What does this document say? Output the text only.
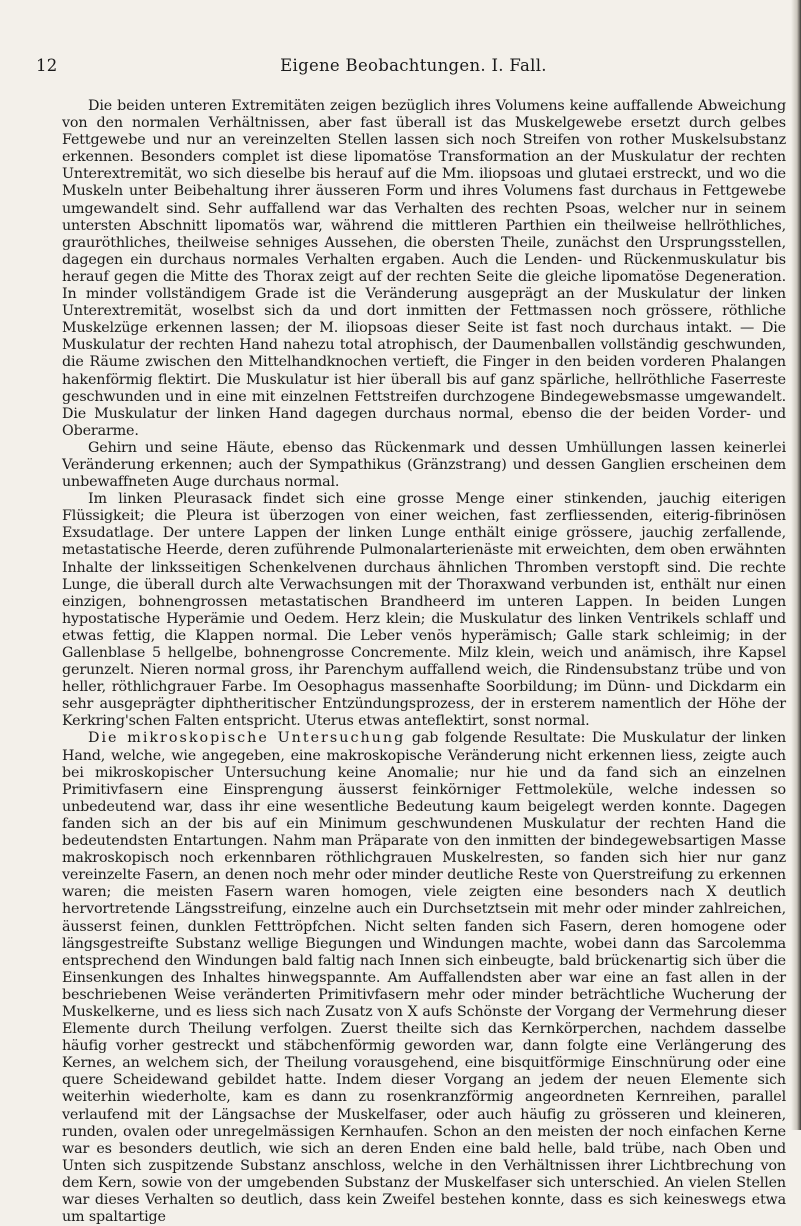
Eigene Beobachtungen. I. Fall.
12

Die beiden unteren Extremitäten zeigen bezüglich ihres Volumens keine auffallende Abweichung von den normalen Verhältnissen, aber fast überall ist das Muskelgewebe ersetzt durch gelbes Fettgewebe und nur an vereinzelten Stellen lassen sich noch Streifen von rother Muskelsubstanz erkennen. Besonders complet ist diese lipomatöse Transformation an der Muskulatur der rechten Unterextremität, wo sich dieselbe bis herauf auf die Mm. iliopsoas und glutaei erstreckt, und wo die Muskeln unter Beibehaltung ihrer äusseren Form und ihres Volumens fast durchaus in Fettgewebe umgewandelt sind. Sehr auffallend war das Verhalten des rechten Psoas, welcher nur in seinem untersten Abschnitt lipomatös war, während die mittleren Parthien ein theilweise hellröthliches, grauröthliches, theilweise sehniges Aussehen, die obersten Theile, zunächst den Ursprungsstellen, dagegen ein durchaus normales Verhalten ergaben. Auch die Lenden- und Rückenmuskulatur bis herauf gegen die Mitte des Thorax zeigt auf der rechten Seite die gleiche lipomatöse Degeneration. In minder vollständigem Grade ist die Veränderung ausgeprägt an der Muskulatur der linken Unterextremität, woselbst sich da und dort inmitten der Fettmassen noch grössere, röthliche Muskelzüge erkennen lassen; der M. iliopsoas dieser Seite ist fast noch durchaus intakt. — Die Muskulatur der rechten Hand nahezu total atrophisch, der Daumenballen vollständig geschwunden, die Räume zwischen den Mittelhandknochen vertieft, die Finger in den beiden vorderen Phalangen hakenförmig flektirt. Die Muskulatur ist hier überall bis auf ganz spärliche, hellröthliche Faserreste geschwunden und in eine mit einzelnen Fettstreifen durchzogene Bindegewebsmasse umgewandelt. Die Muskulatur der linken Hand dagegen durchaus normal, ebenso die der beiden Vorder- und Oberarme.

Gehirn und seine Häute, ebenso das Rückenmark und dessen Umhüllungen lassen keinerlei Veränderung erkennen; auch der Sympathikus (Gränzstrang) und dessen Ganglien erscheinen dem unbewaffneten Auge durchaus normal.

Im linken Pleurasack findet sich eine grosse Menge einer stinkenden, jauchig eiterigen Flüssigkeit; die Pleura ist überzogen von einer weichen, fast zerfliessenden, eiterig-fibrinösen Exsudatlage. Der untere Lappen der linken Lunge enthält einige grössere, jauchig zerfallende, metastatische Heerde, deren zuführende Pulmonalarterienäste mit erweichten, dem oben erwähnten Inhalte der linksseitigen Schenkelvenen durchaus ähnlichen Thromben verstopft sind. Die rechte Lunge, die überall durch alte Verwachsungen mit der Thoraxwand verbunden ist, enthält nur einen einzigen, bohnengrossen metastatischen Brandheerd im unteren Lappen. In beiden Lungen hypostatische Hyperämie und Oedem. Herz klein; die Muskulatur des linken Ventrikels schlaff und etwas fettig, die Klappen normal. Die Leber venös hyperämisch; Galle stark schleimig; in der Gallenblase 5 hellgelbe, bohnengrosse Concremente. Milz klein, weich und anämisch, ihre Kapsel gerunzelt. Nieren normal gross, ihr Parenchym auffallend weich, die Rindensubstanz trübe und von heller, röthlichgrauer Farbe. Im Oesophagus massenhafte Soorbildung; im Dünn- und Dickdarm ein sehr ausgeprägter diphtheritischer Entzündungsprozess, der in ersterem namentlich der Höhe der Kerkring'schen Falten entspricht. Uterus etwas anteflektirt, sonst normal.

Die mikroskopische Untersuchung gab folgende Resultate: Die Muskulatur der linken Hand, welche, wie angegeben, eine makroskopische Veränderung nicht erkennen liess, zeigte auch bei mikroskopischer Untersuchung keine Anomalie; nur hie und da fand sich an einzelnen Primitivfasern eine Einsprengung äusserst feinkörniger Fettmoleküle, welche indessen so unbedeutend war, dass ihr eine wesentliche Bedeutung kaum beigelegt werden konnte. Dagegen fanden sich an der bis auf ein Minimum geschwundenen Muskulatur der rechten Hand die bedeutendsten Entartungen. Nahm man Präparate von den inmitten der bindegewebsartigen Masse makroskopisch noch erkennbaren röthlichgrauen Muskelresten, so fanden sich hier nur ganz vereinzelte Fasern, an denen noch mehr oder minder deutliche Reste von Querstreifung zu erkennen waren; die meisten Fasern waren homogen, viele zeigten eine besonders nach X deutlich hervortretende Längsstreifung, einzelne auch ein Durchsetztsein mit mehr oder minder zahlreichen, äusserst feinen, dunklen Fetttröpfchen. Nicht selten fanden sich Fasern, deren homogene oder längsgestreifte Substanz wellige Biegungen und Windungen machte, wobei dann das Sarcolemma entsprechend den Windungen bald faltig nach Innen sich einbeugte, bald brückenartig sich über die Einsenkungen des Inhaltes hinwegspannte. Am Auffallendsten aber war eine an fast allen in der beschriebenen Weise veränderten Primitivfasern mehr oder minder beträchtliche Wucherung der Muskelkerne, und es liess sich nach Zusatz von X aufs Schönste der Vorgang der Vermehrung dieser Elemente durch Theilung verfolgen. Zuerst theilte sich das Kernkörperchen, nachdem dasselbe häufig vorher gestreckt und stäbchenförmig geworden war, dann folgte eine Verlängerung des Kernes, an welchem sich, der Theilung vorausgehend, eine bisquitförmige Einschnürung oder eine quere Scheidewand gebildet hatte. Indem dieser Vorgang an jedem der neuen Elemente sich weiterhin wiederholte, kam es dann zu rosenkranzförmig angeordneten Kernreihen, parallel verlaufend mit der Längsachse der Muskelfaser, oder auch häufig zu grösseren und kleineren, runden, ovalen oder unregelmässigen Kernhaufen. Schon an den meisten der noch einfachen Kerne war es besonders deutlich, wie sich an deren Enden eine bald helle, bald trübe, nach Oben und Unten sich zuspitzende Substanz anschloss, welche in den Verhältnissen ihrer Lichtbrechung von dem Kern, sowie von der umgebenden Substanz der Muskelfaser sich unterschied. An vielen Stellen war dieses Verhalten so deutlich, dass kein Zweifel bestehen konnte, dass es sich keineswegs etwa um spaltartige
